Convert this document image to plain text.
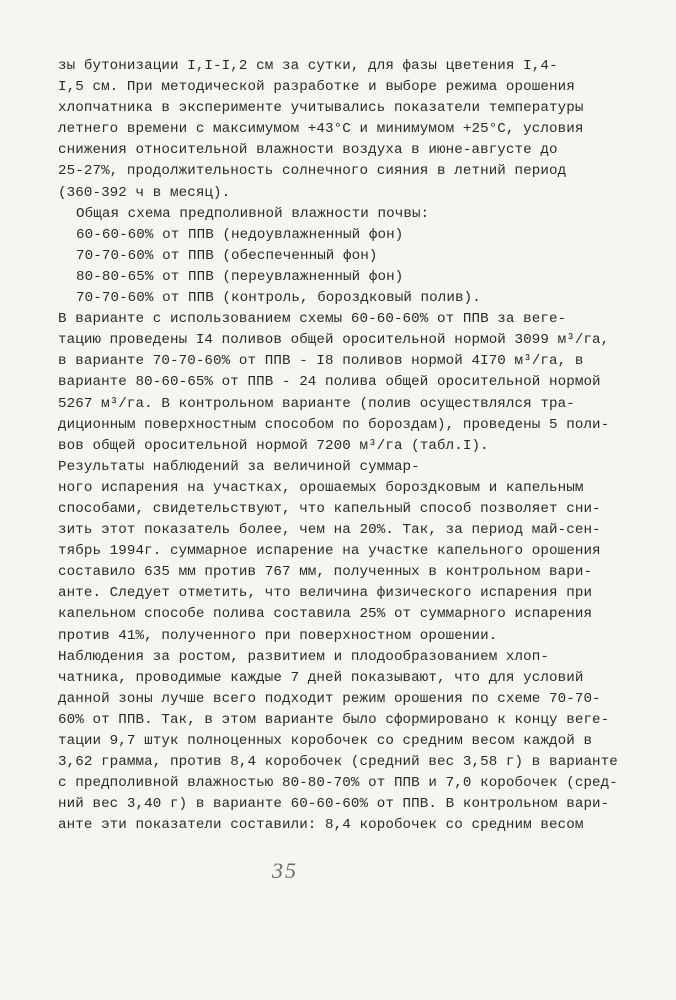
зы бутонизации I,I-I,2 см за сутки, для фазы цветения I,4-
I,5 см. При методической разработке и выборе режима орошения
хлопчатника в эксперименте учитывались показатели температуры
летнего времени с максимумом +43°С и минимумом +25°С, условия
снижения относительной влажности воздуха в июне-августе до
25-27%, продолжительность солнечного сияния в летний период
(360-392 ч в месяц).
Общая схема предполивной влажности почвы:
60-60-60% от ППВ (недоувлажненный фон)
70-70-60% от ППВ (обеспеченный фон)
80-80-65% от ППВ (переувлажненный фон)
70-70-60% от ППВ (контроль, бороздковый полив).
В варианте с использованием схемы 60-60-60% от ППВ за веге-
тацию проведены I4 поливов общей оросительной нормой 3099 м³/га,
в варианте 70-70-60% от ППВ - I8 поливов нормой 4I70 м³/га, в
варианте 80-60-65% от ППВ - 24 полива общей оросительной нормой
5267 м³/га. В контрольном варианте (полив осуществлялся тра-
диционным поверхностным способом по бороздам), проведены 5 поли-
вов общей оросительной нормой 7200 м³/га (табл.I).
Результаты наблюдений за величиной суммар-
ного испарения на участках, орошаемых бороздковым и капельным
способами, свидетельствуют, что капельный способ позволяет сни-
зить этот показатель более, чем на 20%. Так, за период май-сен-
тябрь 1994г. суммарное испарение на участке капельного орошения
составило 635 мм против 767 мм, полученных в контрольном вари-
анте. Следует отметить, что величина физического испарения при
капельном способе полива составила 25% от суммарного испарения
против 41%, полученного при поверхностном орошении.
Наблюдения за ростом, развитием и плодообразованием хлоп-
чатника, проводимые каждые 7 дней показывают, что для условий
данной зоны лучше всего подходит режим орошения по схеме 70-70-
60% от ППВ. Так, в этом варианте было сформировано к концу веге-
тации 9,7 штук полноценных коробочек со средним весом каждой в
3,62 грамма, против 8,4 коробочек (средний вес 3,58 г) в варианте
с предполивной влажностью 80-80-70% от ППВ и 7,0 коробочек (сред-
ний вес 3,40 г) в варианте 60-60-60% от ППВ. В контрольном вари-
анте эти показатели составили: 8,4 коробочек со средним весом
35
